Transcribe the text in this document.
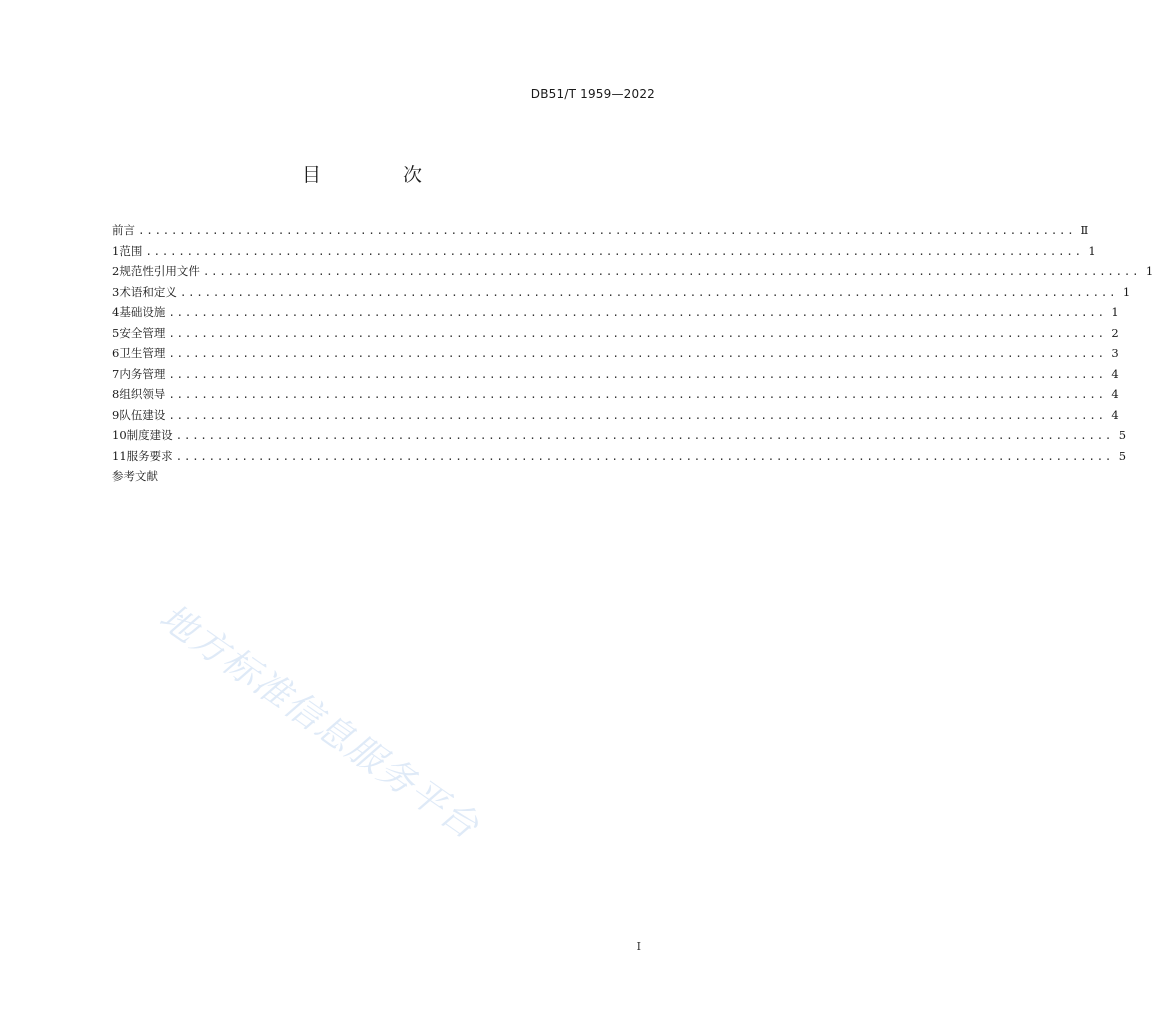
DB51/T 1959—2022
目 次
前言 .................................................................................................................. Ⅱ
1 范围 .................................................................................................................. 1
2 规范性引用文件 .................................................................................................................. 1
3 术语和定义 .................................................................................................................. 1
4 基础设施 .................................................................................................................. 1
5 安全管理 .................................................................................................................. 2
6 卫生管理 .................................................................................................................. 3
7 内务管理 .................................................................................................................. 4
8 组织领导 .................................................................................................................. 4
9 队伍建设 .................................................................................................................. 4
10 制度建设 .................................................................................................................. 5
11 服务要求 .................................................................................................................. 5
参考文献
地方标准信息服务平台
I
